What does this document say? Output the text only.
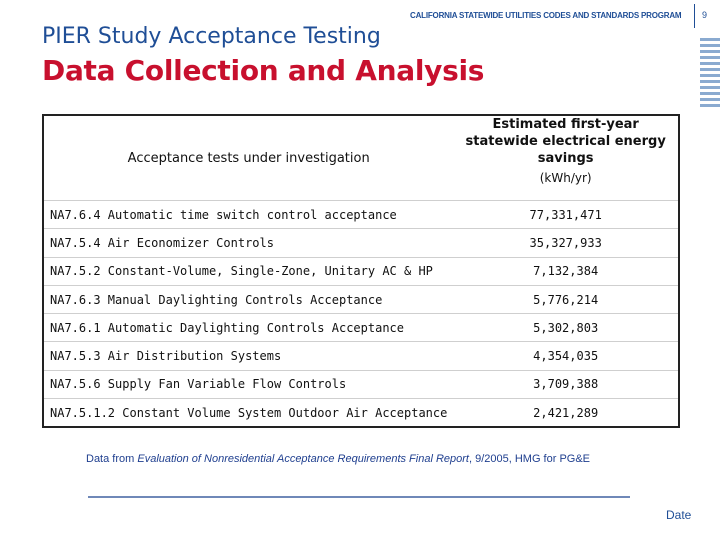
CALIFORNIA STATEWIDE UTILITIES CODES AND STANDARDS PROGRAM 9
PIER Study Acceptance Testing
Data Collection and Analysis
Acceptance tests under investigation	Estimated first-year statewide electrical energy savings
(kWh/yr)

NA7.6.4 Automatic time switch control acceptance	77,331,471
NA7.5.4 Air Economizer Controls	35,327,933
NA7.5.2 Constant-Volume, Single-Zone, Unitary AC & HP	7,132,384
NA7.6.3 Manual Daylighting Controls Acceptance	5,776,214
NA7.6.1 Automatic Daylighting Controls Acceptance	5,302,803
NA7.5.3 Air Distribution Systems	4,354,035
NA7.5.6 Supply Fan Variable Flow Controls	3,709,388
NA7.5.1.2 Constant Volume System Outdoor Air Acceptance	2,421,289
Data from Evaluation of Nonresidential Acceptance Requirements Final Report, 9/2005, HMG for PG&E
Date
